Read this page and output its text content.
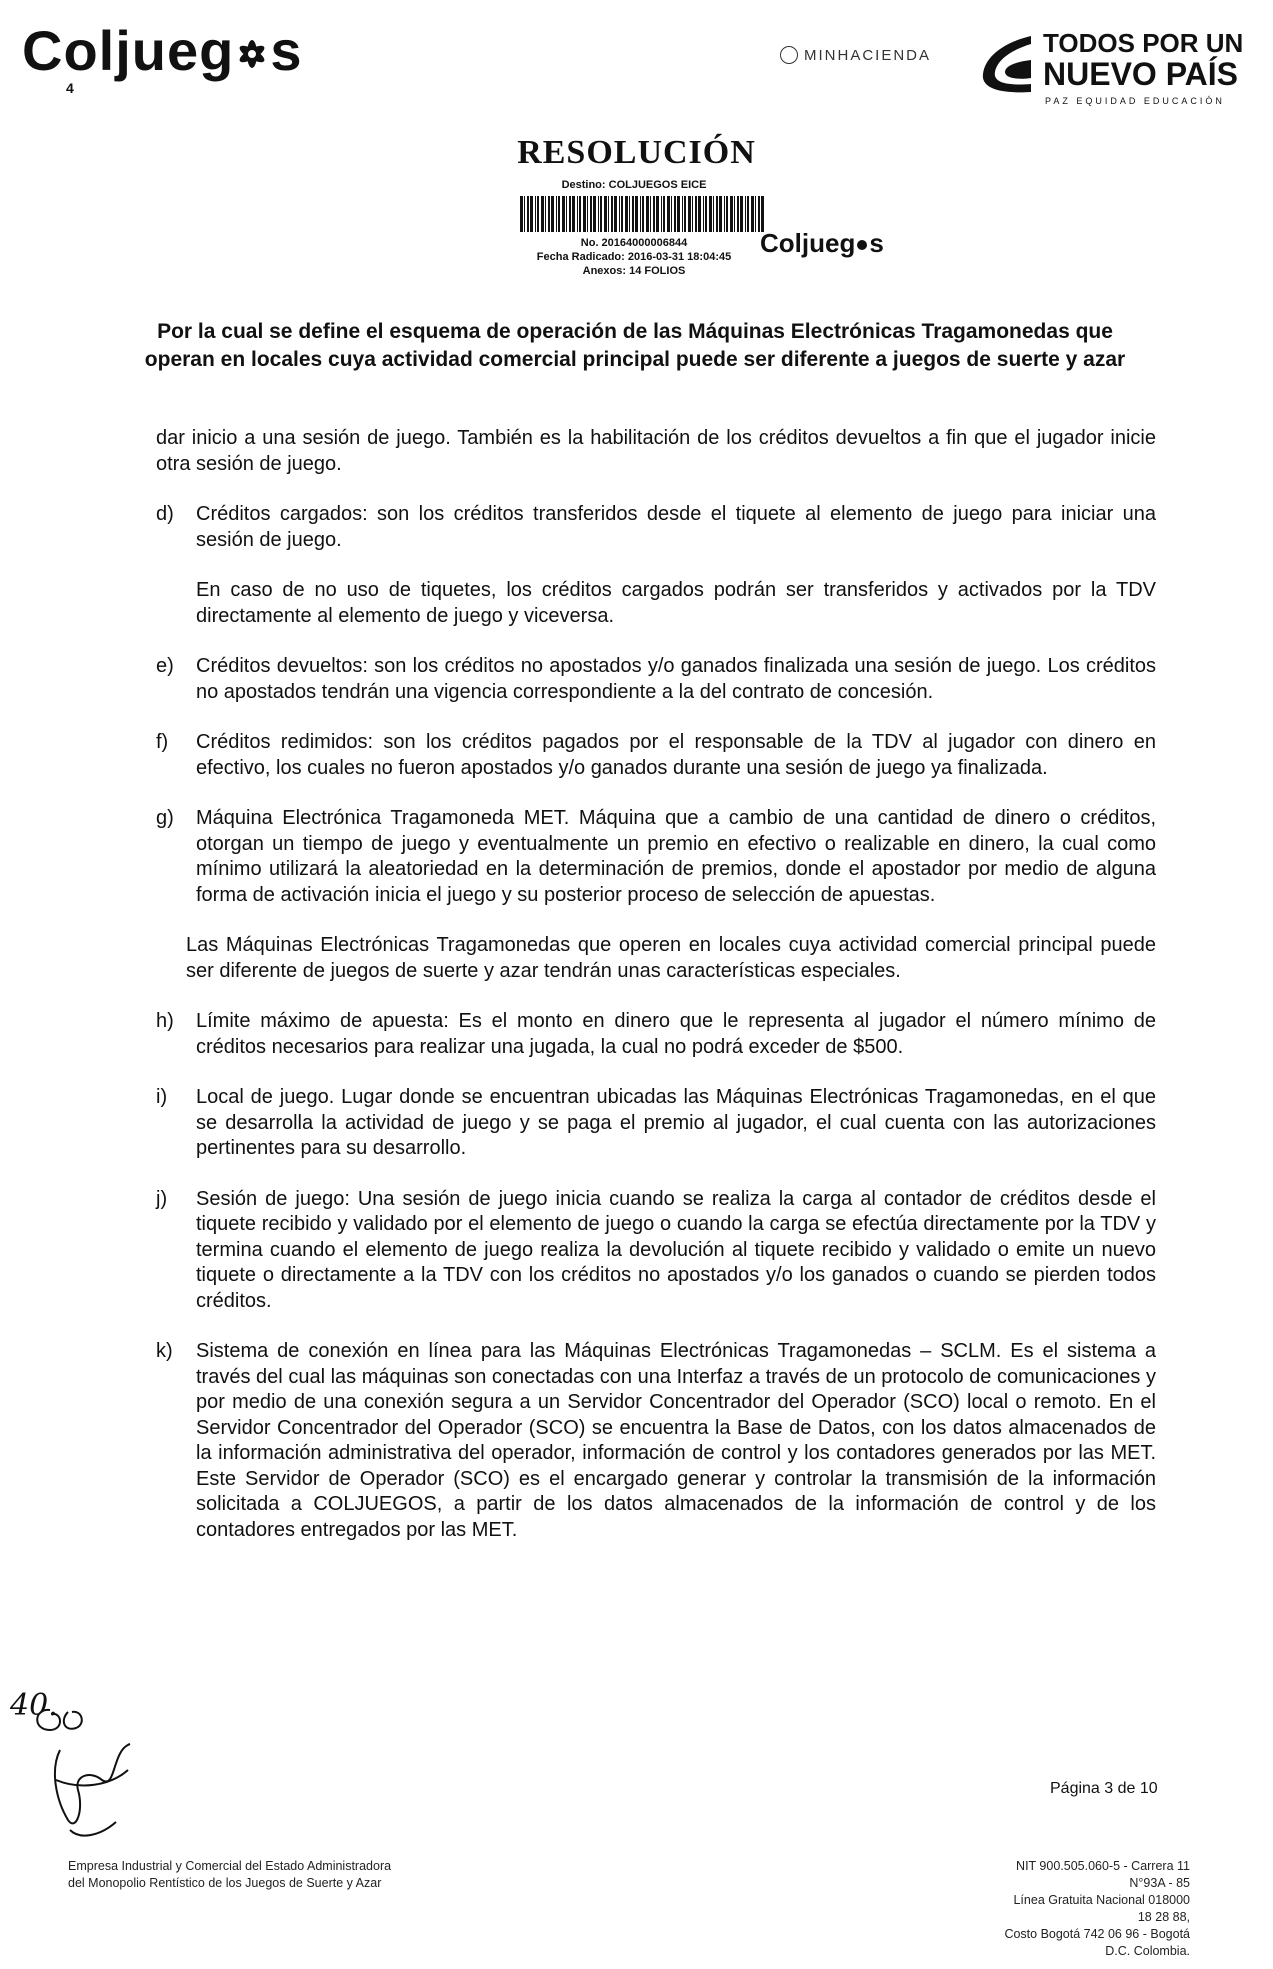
Coljueg s
4
MINHACIENDA	TODOS POR UN
NUEVO PAÍS
PAZ EQUIDAD EDUCACIÓN
RESOLUCIÓN
Destino: COLJUEGOS EICE
No. 20164000006844
Fecha Radicado: 2016-03-31 18:04:45
Anexos: 14 FOLIOS
Coljueg s
Por la cual se define el esquema de operación de las Máquinas Electrónicas Tragamonedas que operan en locales cuya actividad comercial principal puede ser diferente a juegos de suerte y azar

dar inicio a una sesión de juego. También es la habilitación de los créditos devueltos a fin que el jugador inicie otra sesión de juego.

d) Créditos cargados: son los créditos transferidos desde el tiquete al elemento de juego para iniciar una sesión de juego.
En caso de no uso de tiquetes, los créditos cargados podrán ser transferidos y activados por la TDV directamente al elemento de juego y viceversa.
e) Créditos devueltos: son los créditos no apostados y/o ganados finalizada una sesión de juego. Los créditos no apostados tendrán una vigencia correspondiente a la del contrato de concesión.
f) Créditos redimidos: son los créditos pagados por el responsable de la TDV al jugador con dinero en efectivo, los cuales no fueron apostados y/o ganados durante una sesión de juego ya finalizada.
g) Máquina Electrónica Tragamoneda MET. Máquina que a cambio de una cantidad de dinero o créditos, otorgan un tiempo de juego y eventualmente un premio en efectivo o realizable en dinero, la cual como mínimo utilizará la aleatoriedad en la determinación de premios, donde el apostador por medio de alguna forma de activación inicia el juego y su posterior proceso de selección de apuestas.
Las Máquinas Electrónicas Tragamonedas que operen en locales cuya actividad comercial principal puede ser diferente de juegos de suerte y azar tendrán unas características especiales.
h) Límite máximo de apuesta: Es el monto en dinero que le representa al jugador el número mínimo de créditos necesarios para realizar una jugada, la cual no podrá exceder de $500.
i) Local de juego. Lugar donde se encuentran ubicadas las Máquinas Electrónicas Tragamonedas, en el que se desarrolla la actividad de juego y se paga el premio al jugador, el cual cuenta con las autorizaciones pertinentes para su desarrollo.
j) Sesión de juego: Una sesión de juego inicia cuando se realiza la carga al contador de créditos desde el tiquete recibido y validado por el elemento de juego o cuando la carga se efectúa directamente por la TDV y termina cuando el elemento de juego realiza la devolución al tiquete recibido y validado o emite un nuevo tiquete o directamente a la TDV con los créditos no apostados y/o los ganados o cuando se pierden todos créditos.
k) Sistema de conexión en línea para las Máquinas Electrónicas Tragamonedas – SCLM. Es el sistema a través del cual las máquinas son conectadas con una Interfaz a través de un protocolo de comunicaciones y por medio de una conexión segura a un Servidor Concentrador del Operador (SCO) local o remoto. En el Servidor Concentrador del Operador (SCO) se encuentra la Base de Datos, con los datos almacenados de la información administrativa del operador, información de control y los contadores generados por las MET. Este Servidor de Operador (SCO) es el encargado generar y controlar la transmisión de la información solicitada a COLJUEGOS, a partir de los datos almacenados de la información de control y de los contadores entregados por las MET.
40.
Página 3 de 10
Empresa Industrial y Comercial del Estado Administradora
del Monopolio Rentístico de los Juegos de Suerte y Azar
NIT 900.505.060-5 - Carrera 11 N°93A - 85
Línea Gratuita Nacional 018000 18 28 88,
Costo Bogotá 742 06 96 - Bogotá D.C. Colombia.
